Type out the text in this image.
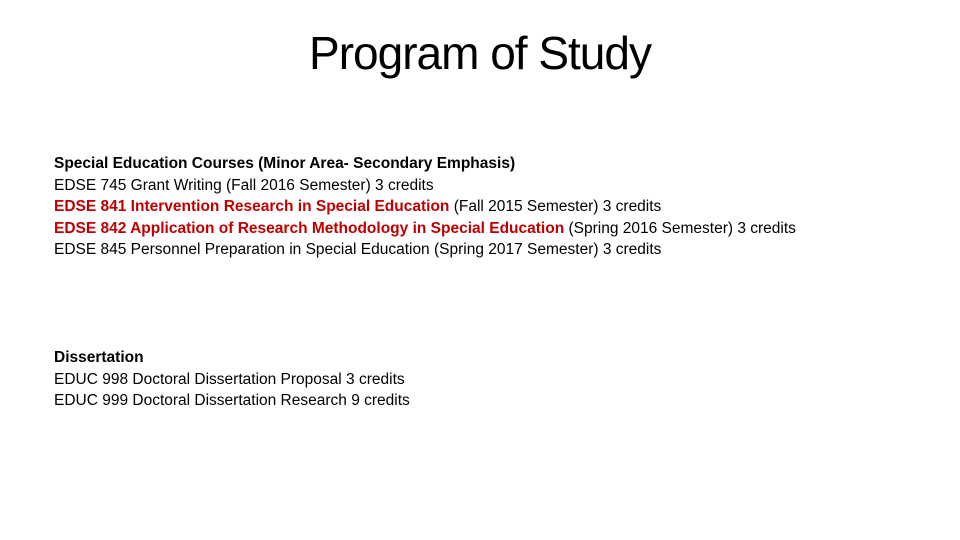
Program of Study
Special Education Courses (Minor Area- Secondary Emphasis)
EDSE 745 Grant Writing (Fall 2016 Semester) 3 credits
EDSE 841 Intervention Research in Special Education (Fall 2015 Semester) 3 credits
EDSE 842 Application of Research Methodology in Special Education (Spring 2016 Semester) 3 credits
EDSE 845 Personnel Preparation in Special Education (Spring 2017 Semester) 3 credits
Dissertation
EDUC 998 Doctoral Dissertation Proposal 3 credits
EDUC 999 Doctoral Dissertation Research 9 credits
